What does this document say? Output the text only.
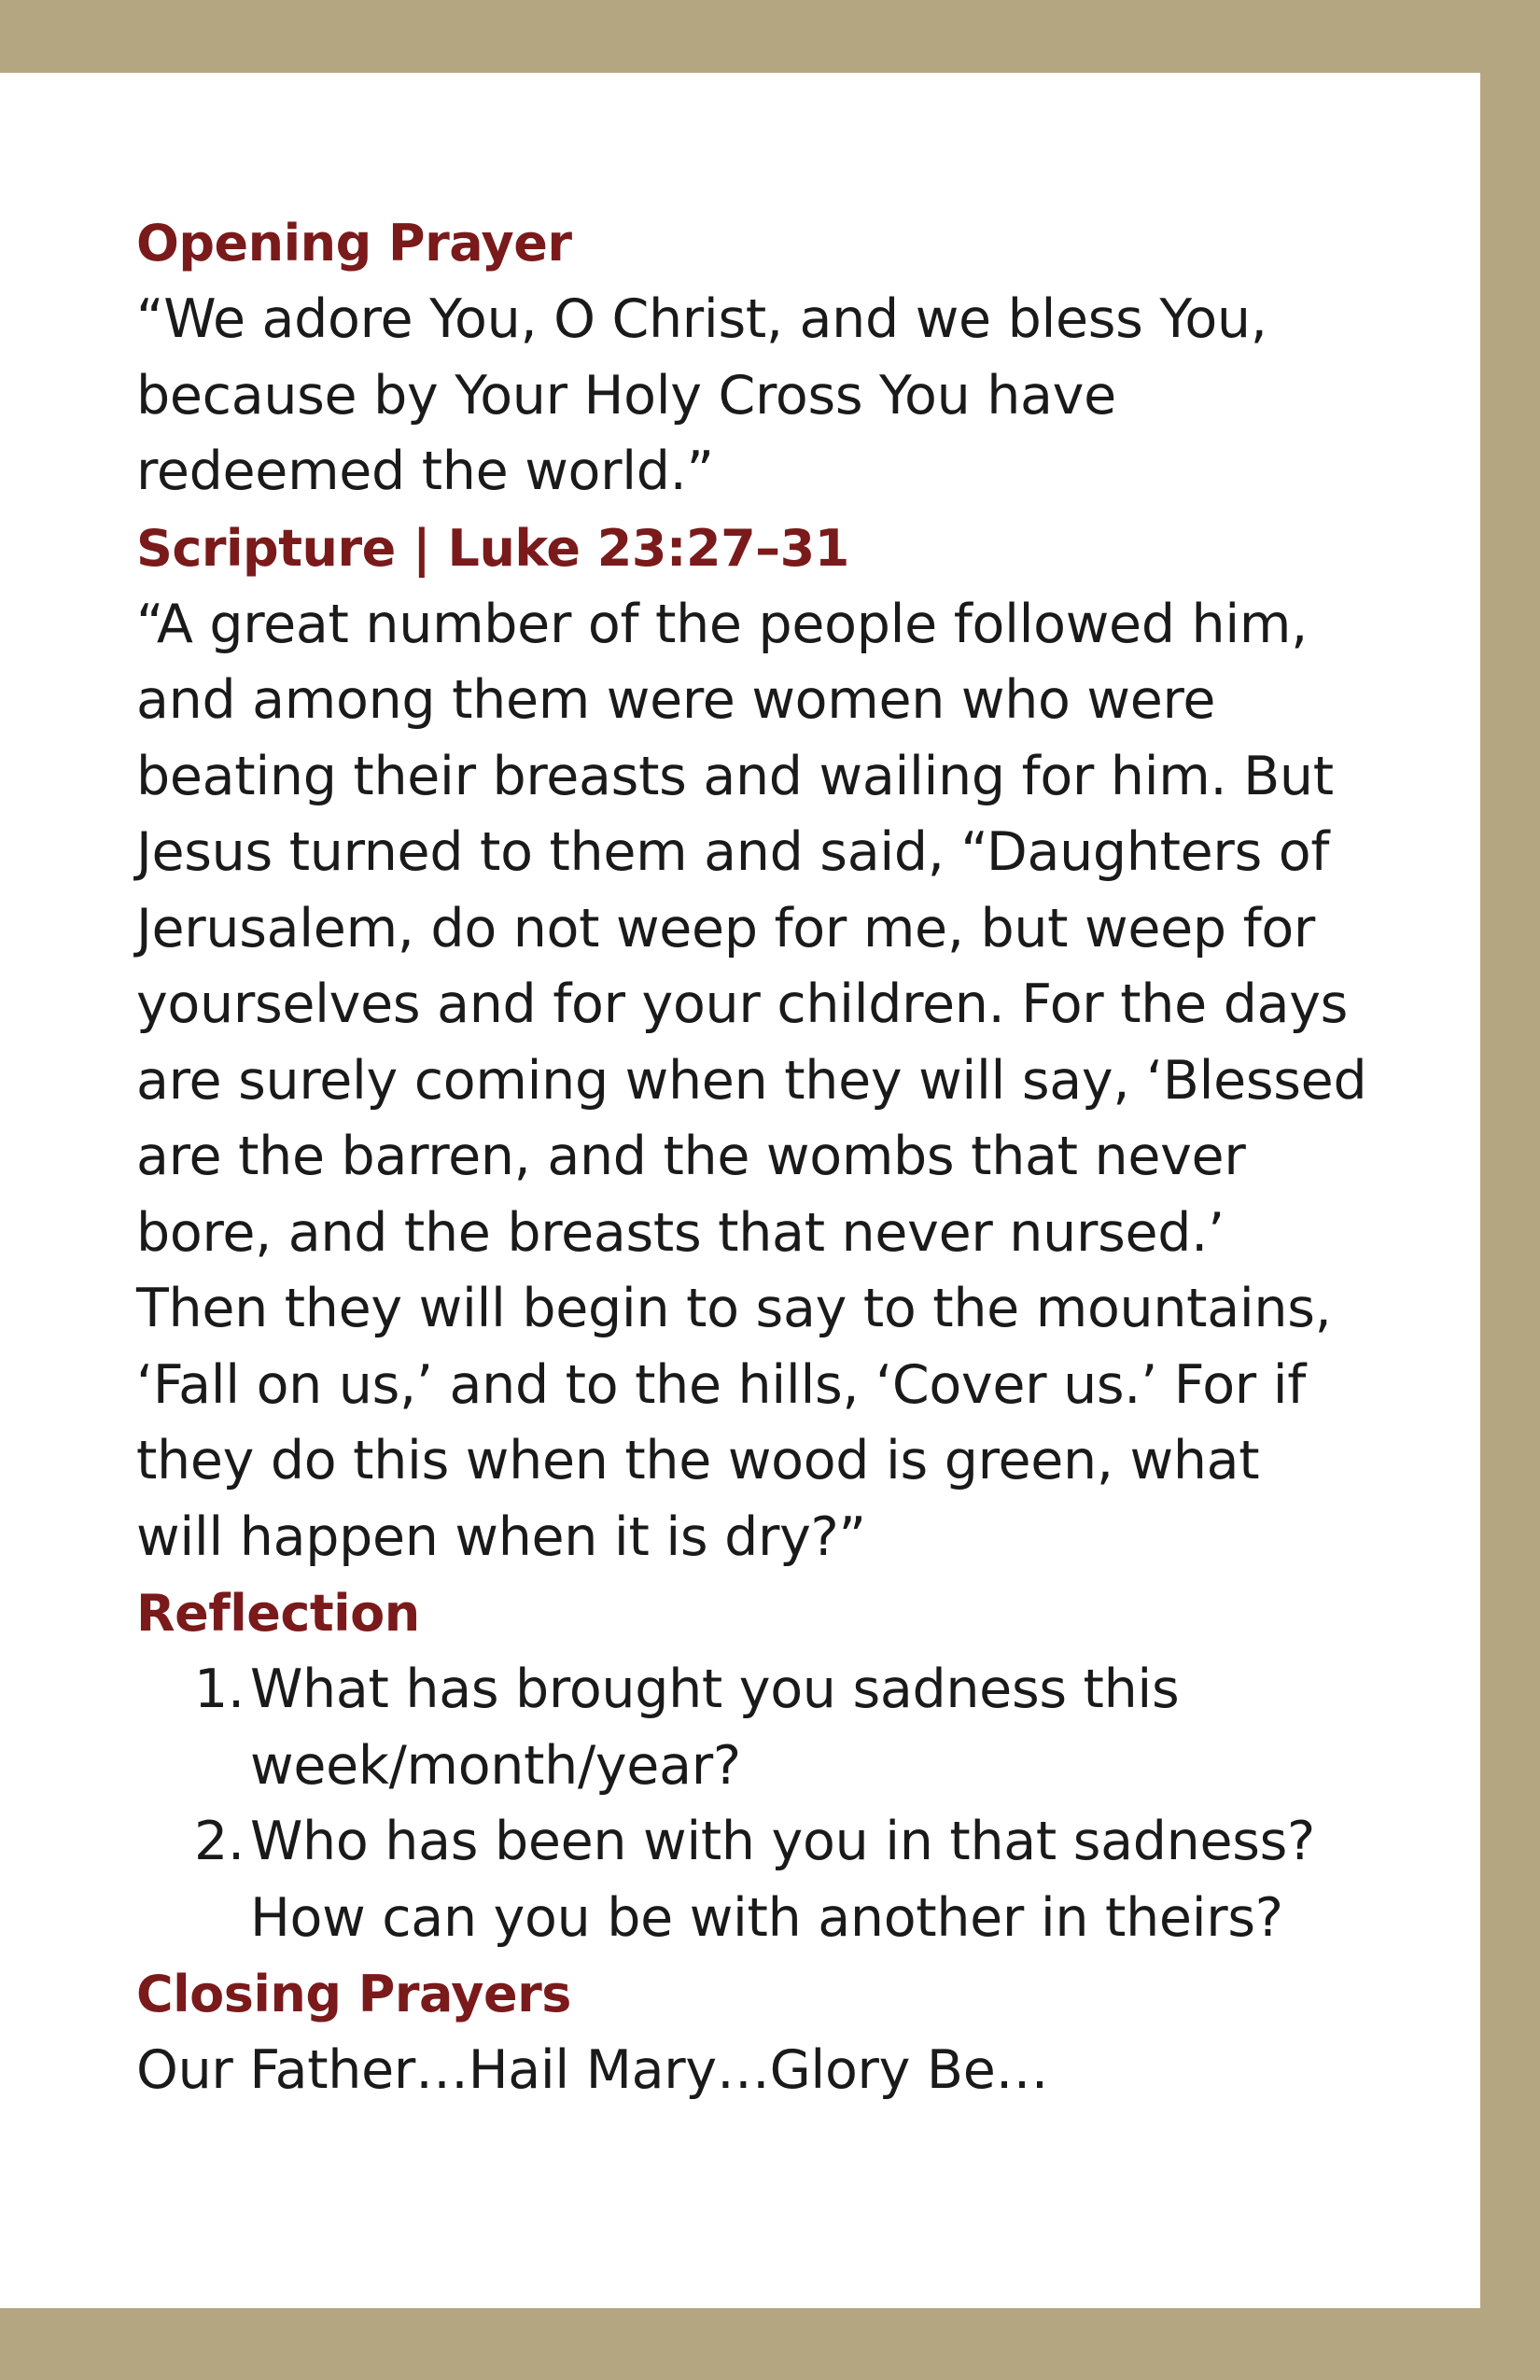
Opening Prayer

“We adore You, O Christ, and we bless You,
because by Your Holy Cross You have
redeemed the world.”

Scripture | Luke 23:27–31

“A great number of the people followed him,
and among them were women who were
beating their breasts and wailing for him. But
Jesus turned to them and said, “Daughters of
Jerusalem, do not weep for me, but weep for
yourselves and for your children. For the days
are surely coming when they will say, ‘Blessed
are the barren, and the wombs that never
bore, and the breasts that never nursed.’
Then they will begin to say to the mountains,
‘Fall on us,’ and to the hills, ‘Cover us.’ For if
they do this when the wood is green, what
will happen when it is dry?”

Reflection
1. What has brought you sadness this
week/month/year?
2. Who has been with you in that sadness?
How can you be with another in theirs?
Closing Prayers

Our Father…Hail Mary…Glory Be…
